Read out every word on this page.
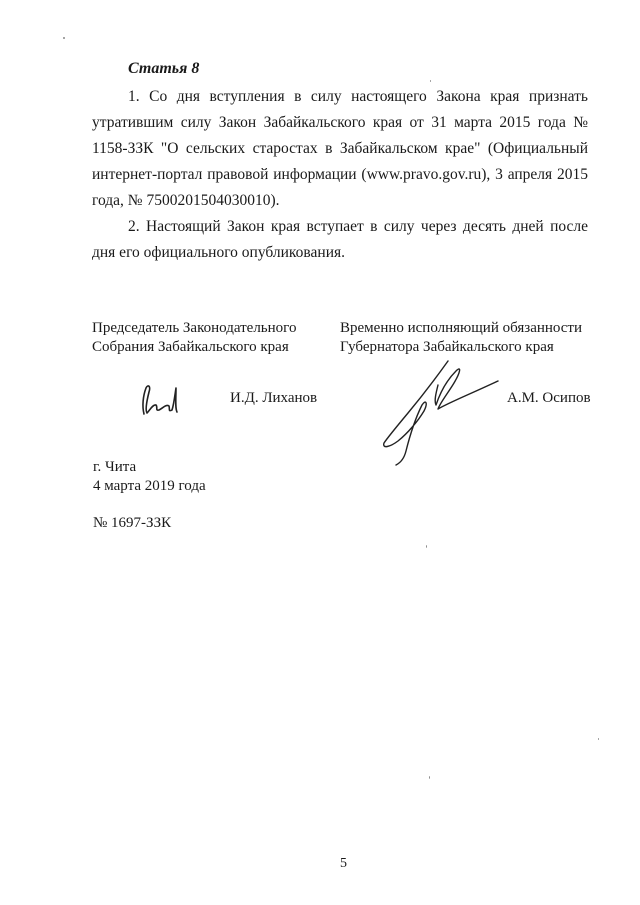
Статья 8

1. Со дня вступления в силу настоящего Закона края признать утратившим силу Закон Забайкальского края от 31 марта 2015 года № 1158-ЗЗК "О сельских старостах в Забайкальском крае" (Официальный интернет-портал правовой информации (www.pravo.gov.ru), 3 апреля 2015 года, № 7500201504030010).

2. Настоящий Закон края вступает в силу через десять дней после дня его официального опубликования.

Председатель Законодательного
Собрания Забайкальского края
Временно исполняющий обязанности
Губернатора Забайкальского края
И.Д. Лиханов	А.М. Осипов
г. Чита
4 марта 2019 года

№ 1697-ЗЗК

5
